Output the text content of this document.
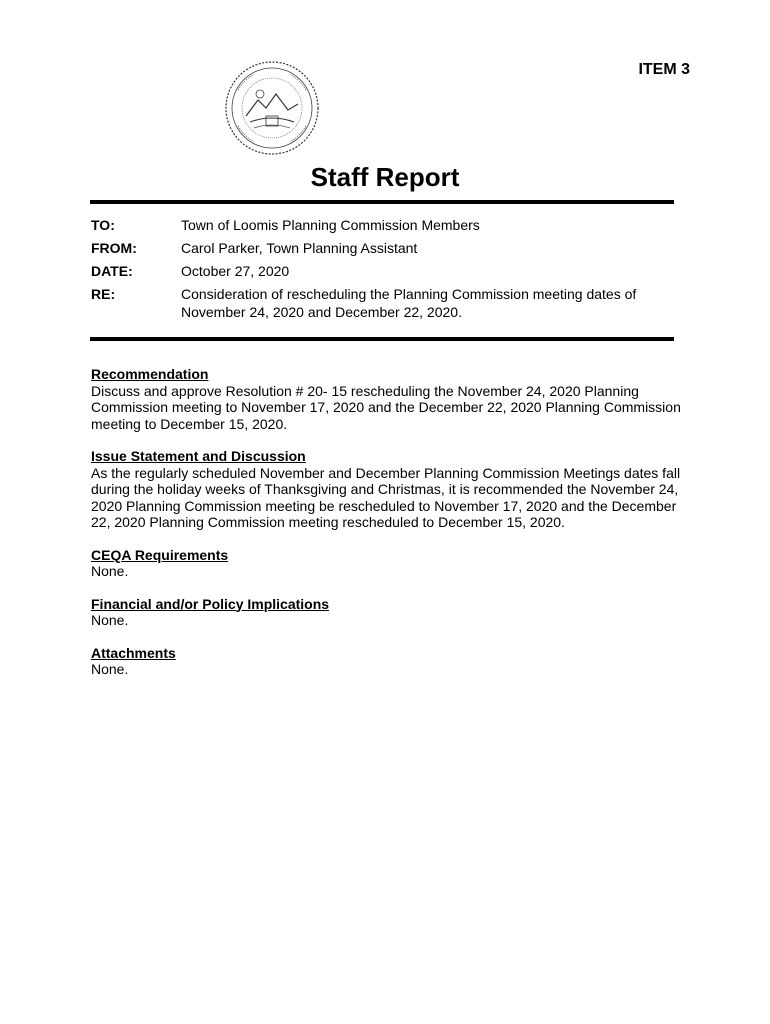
ITEM 3
Staff Report
TO:	Town of Loomis Planning Commission Members
FROM:	Carol Parker, Town Planning Assistant
DATE:	October 27, 2020
RE:	Consideration of rescheduling the Planning Commission meeting dates of November 24, 2020 and December 22, 2020.
Recommendation

Discuss and approve Resolution # 20- 15 rescheduling the November 24, 2020 Planning Commission meeting to November 17, 2020 and the December 22, 2020 Planning Commission meeting to December 15, 2020.

Issue Statement and Discussion

As the regularly scheduled November and December Planning Commission Meetings dates fall during the holiday weeks of Thanksgiving and Christmas, it is recommended the November 24, 2020 Planning Commission meeting be rescheduled to November 17, 2020 and the December 22, 2020 Planning Commission meeting rescheduled to December 15, 2020.

CEQA Requirements

None.

Financial and/or Policy Implications

None.

Attachments

None.
